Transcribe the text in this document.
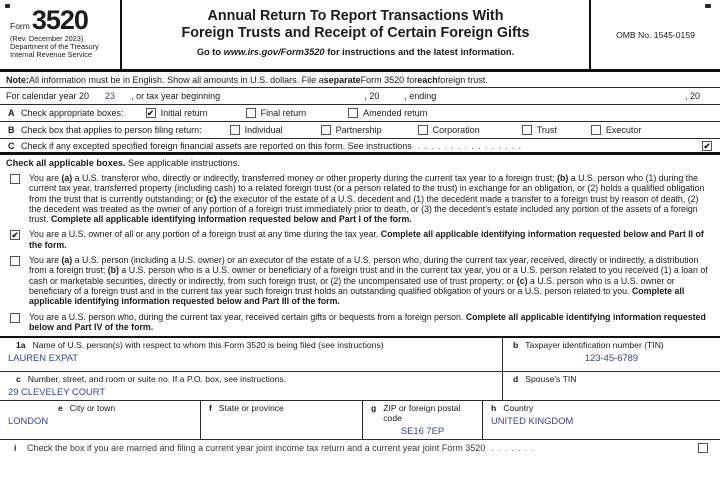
Form 3520
(Rev. December 2023)
Department of the Treasury
Internal Revenue Service
Annual Return To Report Transactions With
Foreign Trusts and Receipt of Certain Foreign Gifts
Go to www.irs.gov/Form3520 for instructions and the latest information.
OMB No. 1545-0159
Note: All information must be in English. Show all amounts in U.S. dollars. File a separate Form 3520 for each foreign trust.
For calendar year 20 23 , or tax year beginning	, 20	, ending	, 20
A Check appropriate boxes:	✔ Initial return	Final return	Amended return
B Check box that applies to person filing return:	Individual	Partnership	Corporation	Trust	Executor
C Check if any excepted specified foreign financial assets are reported on this form. See instructions . . . . . . . . . . . . . . . .	✔
Check all applicable boxes. See applicable instructions.
You are (a) a U.S. transferor who, directly or indirectly, transferred money or other property during the current tax year to a foreign trust; (b) a U.S. person who (1) during the current tax year, transferred property (including cash) to a related foreign trust (or a person related to the trust) in exchange for an obligation, or (2) holds a qualified obligation from the trust that is currently outstanding; or (c) the executor of the estate of a U.S. decedent and (1) the decedent made a transfer to a foreign trust by reason of death, (2) the decedent was treated as the owner of any portion of a foreign trust immediately prior to death, or (3) the decedent's estate included any portion of the assets of a foreign trust. Complete all applicable identifying information requested below and Part I of the form.
✔ You are a U.S. owner of all or any portion of a foreign trust at any time during the tax year. Complete all applicable identifying information requested below and Part II of the form.
You are (a) a U.S. person (including a U.S. owner) or an executor of the estate of a U.S. person who, during the current tax year, received, directly or indirectly, a distribution from a foreign trust; (b) a U.S. person who is a U.S. owner or beneficiary of a foreign trust and in the current tax year, you or a U.S. person related to you received (1) a loan of cash or marketable securities, directly or indirectly, from such foreign trust, or (2) the uncompensated use of trust property; or (c) a U.S. person who is a U.S. owner or beneficiary of a foreign trust and in the current tax year such foreign trust holds an outstanding qualified obligation of yours or a U.S. person related to you. Complete all applicable identifying information requested below and Part III of the form.
You are a U.S. person who, during the current tax year, received certain gifts or bequests from a foreign person. Complete all applicable identifying information requested below and Part IV of the form.
1a Name of U.S. person(s) with respect to whom this Form 3520 is being filed (see instructions)
LAUREN EXPAT
b Taxpayer identification number (TIN)
123-45-6789
c Number, street, and room or suite no. If a P.O. box, see instructions.
29 CLEVELEY COURT
d Spouse's TIN
e City or town
LONDON
f State or province	g ZIP or foreign postal code
SE16 7EP
h Country
UNITED KINGDOM
i	Check the box if you are married and filing a current year joint income tax return and a current year joint Form 3520 . . . . . . .
